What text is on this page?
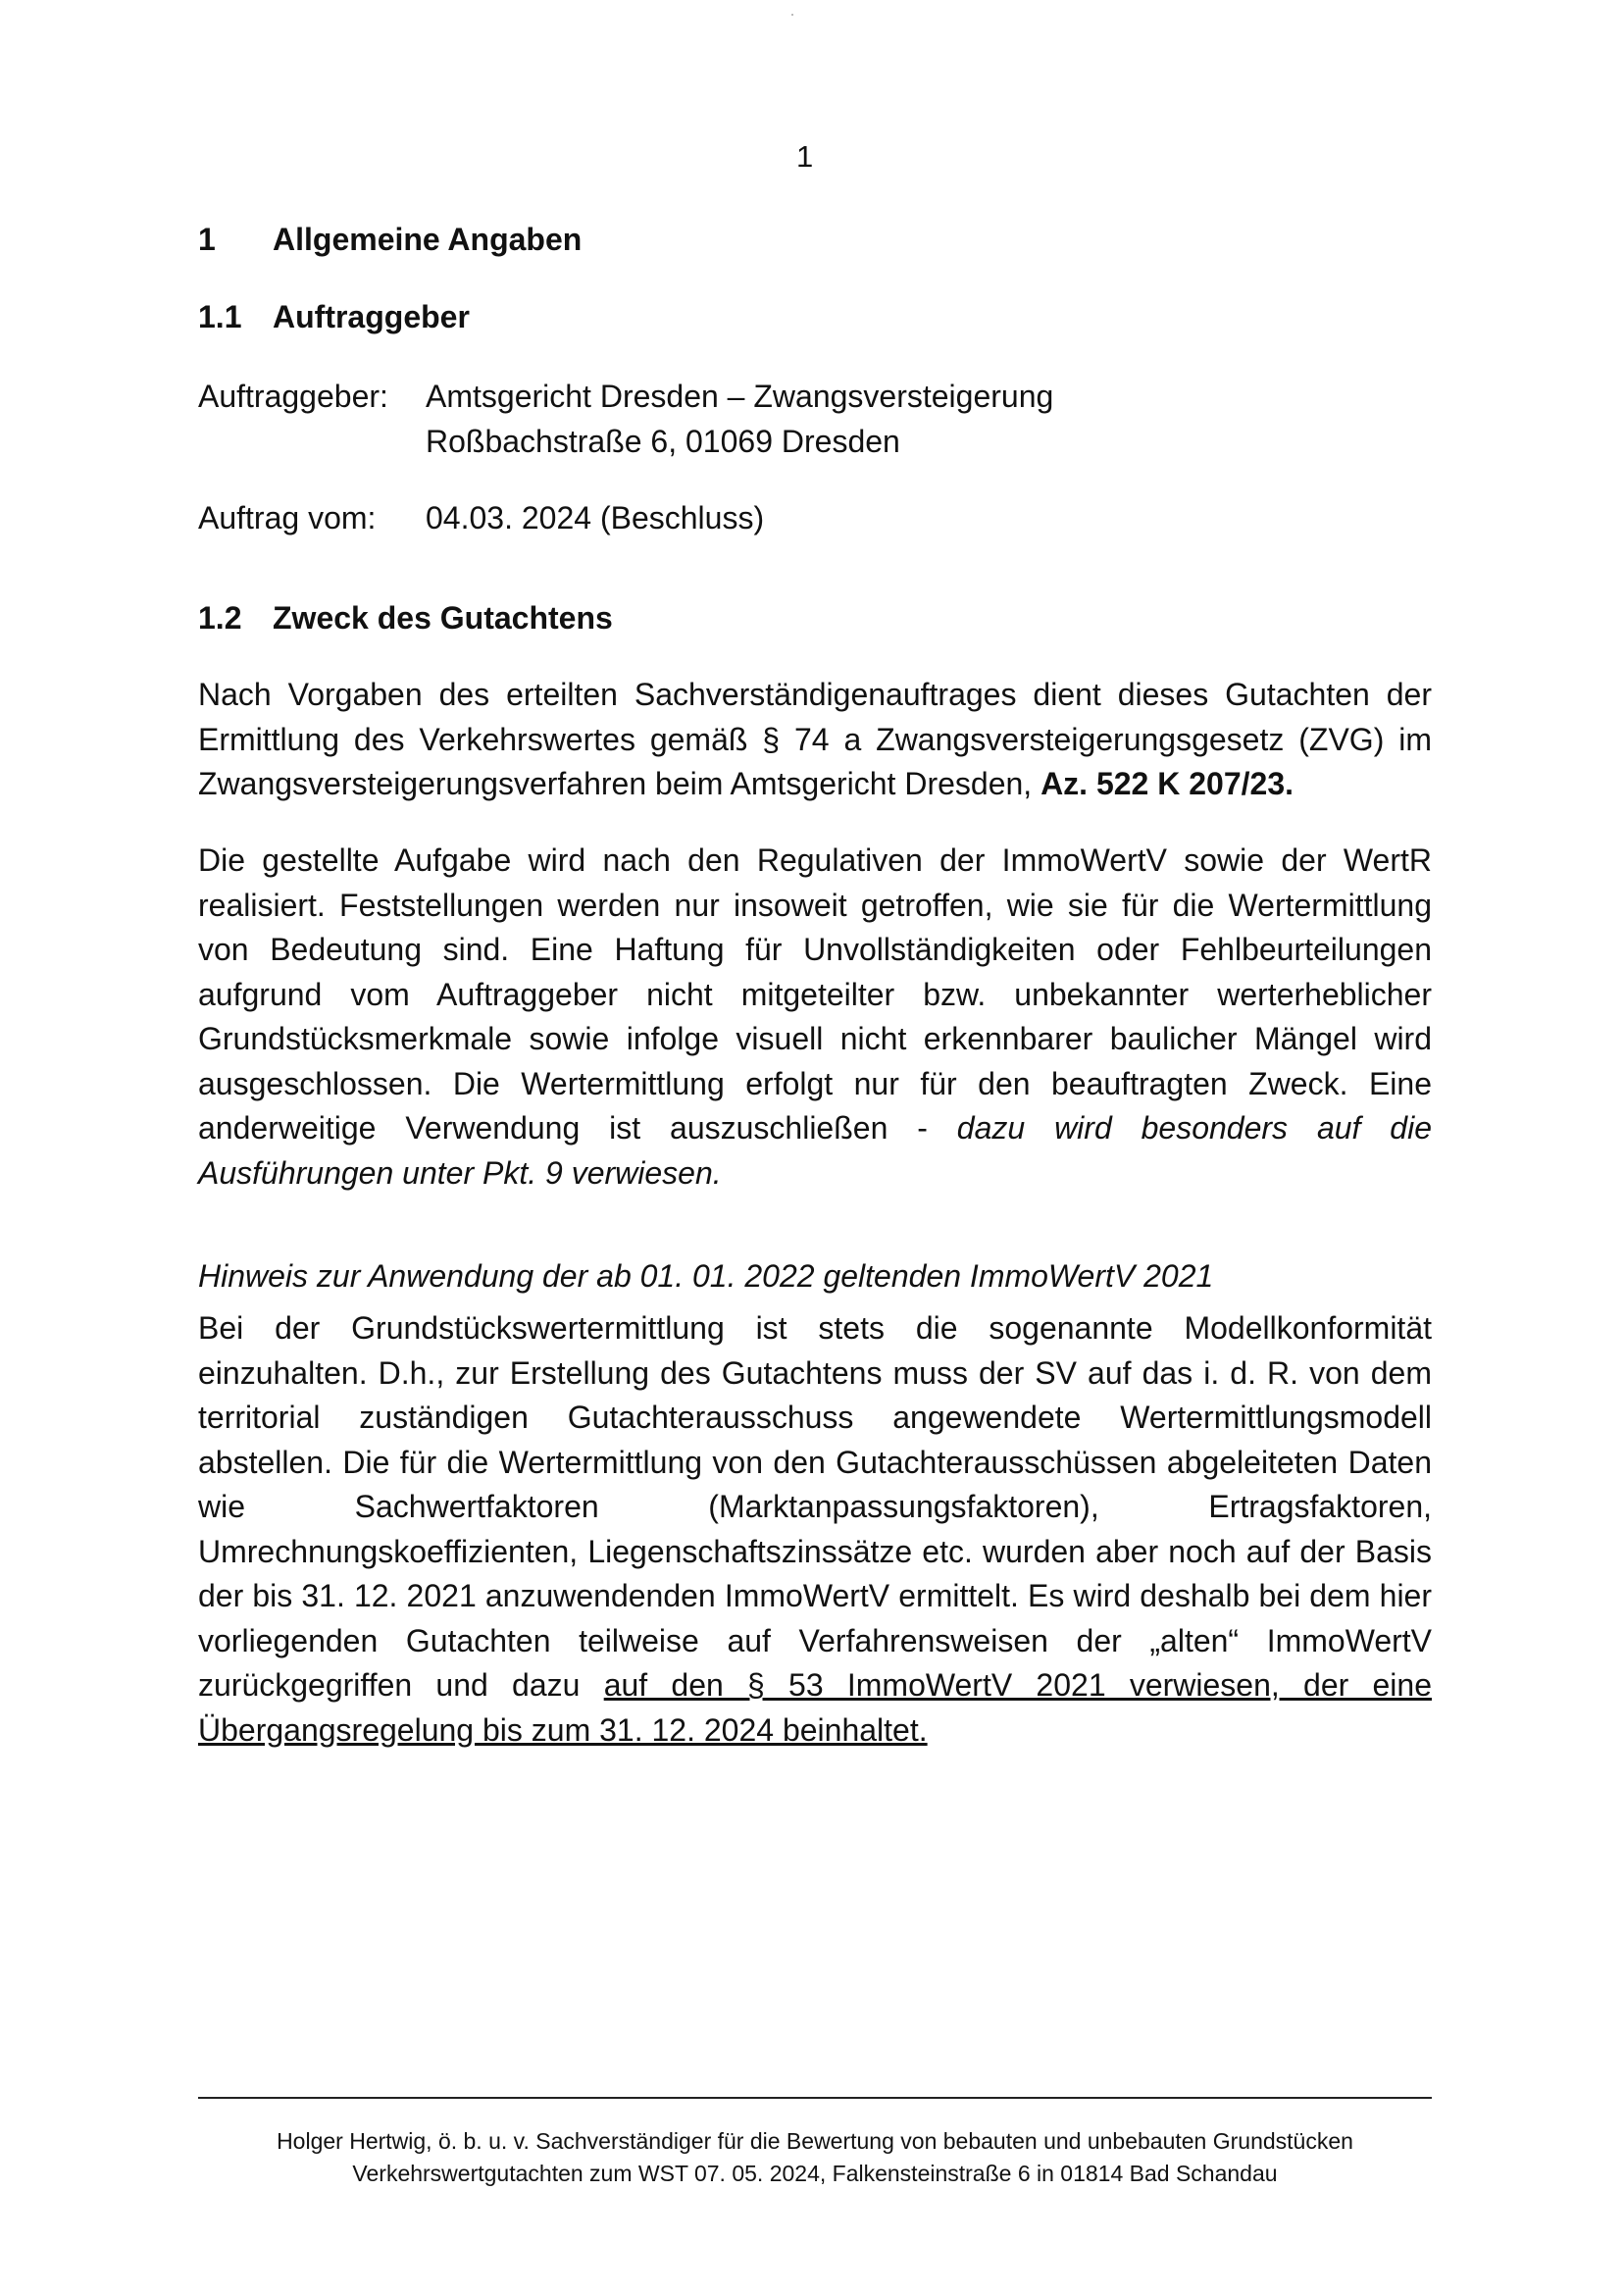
1
1 Allgemeine Angaben
1.1 Auftraggeber
Auftraggeber:	Amtsgericht Dresden – Zwangsversteigerung
Roßbachstraße 6, 01069 Dresden
Auftrag vom:	04.03. 2024 (Beschluss)
1.2 Zweck des Gutachtens
Nach Vorgaben des erteilten Sachverständigenauftrages dient dieses Gutachten der Ermittlung des Verkehrswertes gemäß § 74 a Zwangsversteigerungsgesetz (ZVG) im Zwangsversteigerungsverfahren beim Amtsgericht Dresden, Az. 522 K 207/23.
Die gestellte Aufgabe wird nach den Regulativen der ImmoWertV sowie der WertR realisiert. Feststellungen werden nur insoweit getroffen, wie sie für die Wertermittlung von Bedeutung sind. Eine Haftung für Unvollständigkeiten oder Fehlbeurteilungen aufgrund vom Auftraggeber nicht mitgeteilter bzw. unbekannter werterheblicher Grundstücksmerkmale sowie infolge visuell nicht erkennbarer baulicher Mängel wird ausgeschlossen. Die Wertermittlung erfolgt nur für den beauftragten Zweck. Eine anderweitige Verwendung ist auszuschließen - dazu wird besonders auf die Ausführungen unter Pkt. 9 verwiesen.
Hinweis zur Anwendung der ab 01. 01. 2022 geltenden ImmoWertV 2021
Bei der Grundstückswertermittlung ist stets die sogenannte Modellkonformität einzuhalten. D.h., zur Erstellung des Gutachtens muss der SV auf das i. d. R. von dem territorial zuständigen Gutachterausschuss angewendete Wertermittlungsmodell abstellen. Die für die Wertermittlung von den Gutachterausschüssen abgeleiteten Daten wie Sachwertfaktoren (Marktanpassungsfaktoren), Ertragsfaktoren, Umrechnungskoeffizienten, Liegenschaftszinssätze etc. wurden aber noch auf der Basis der bis 31. 12. 2021 anzuwendenden ImmoWertV ermittelt. Es wird deshalb bei dem hier vorliegenden Gutachten teilweise auf Verfahrensweisen der „alten“ ImmoWertV zurückgegriffen und dazu auf den § 53 ImmoWertV 2021 verwiesen, der eine Übergangsregelung bis zum 31. 12. 2024 beinhaltet.
Holger Hertwig, ö. b. u. v. Sachverständiger für die Bewertung von bebauten und unbebauten Grundstücken
Verkehrswertgutachten zum WST 07. 05. 2024, Falkensteinstraße 6 in 01814 Bad Schandau
